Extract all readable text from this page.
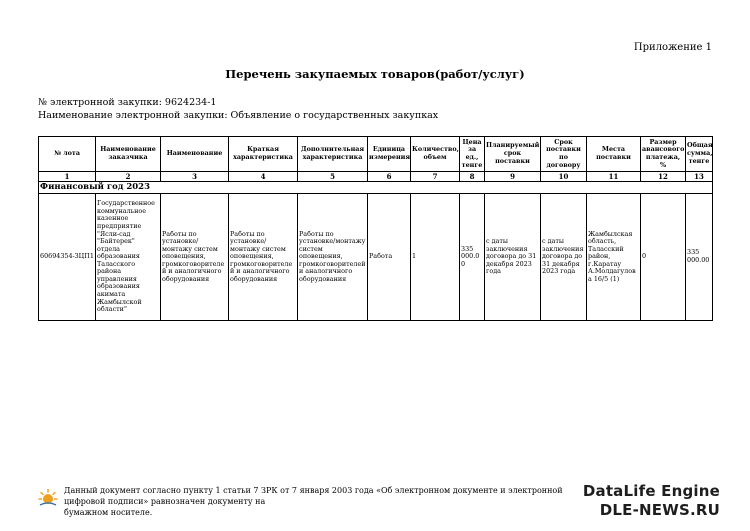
Приложение 1
Перечень закупаемых товаров(работ/услуг)
№ электронной закупки: 9624234-1
Наименование электронной закупки: Объявление о государственных закупках
№ лота	Наименование заказчика	Наименование	Краткая характеристика	Дополнительная характеристика	Единица измерения	Количество, объем	Цена за ед., тенге	Планируемый срок поставки	Срок поставки по договору	Места поставки	Размер авансового платежа, %	Общая сумма, тенге
1	2	3	4	5	6	7	8	9	10	11	12	13
Финансовый год 2023												
60694354-ЗЦП1	Государственное коммунальное казенное предприятие "Ясли-сад "Байтерек" отдела образования Таласского района управления образования акимата Жамбылской области"	Работы по установке/монтажу систем оповещения, громкоговорителей и аналогичного оборудования	Работы по установке/монтажу систем оповещения, громкоговорителей и аналогичного оборудования	Работы по установке/монтажу систем оповещения, громкоговорителей и аналогичного оборудования	Работа	1	335 000.00	с даты заключения договора до 31 декабря 2023 года	с даты заключения договора до 31 декабря 2023 года	Жамбылская область, Таласский район, г.Каратау А.Молдагулова 16/5 (1)	0	335 000.00
Данный документ согласно пункту 1 статьи 7 ЗРК от 7 января 2003 года «Об электронном документе и электронной цифровой подписи» равнозначен документу на
бумажном носителе.
DataLife Engine
DLE-NEWS.RU
